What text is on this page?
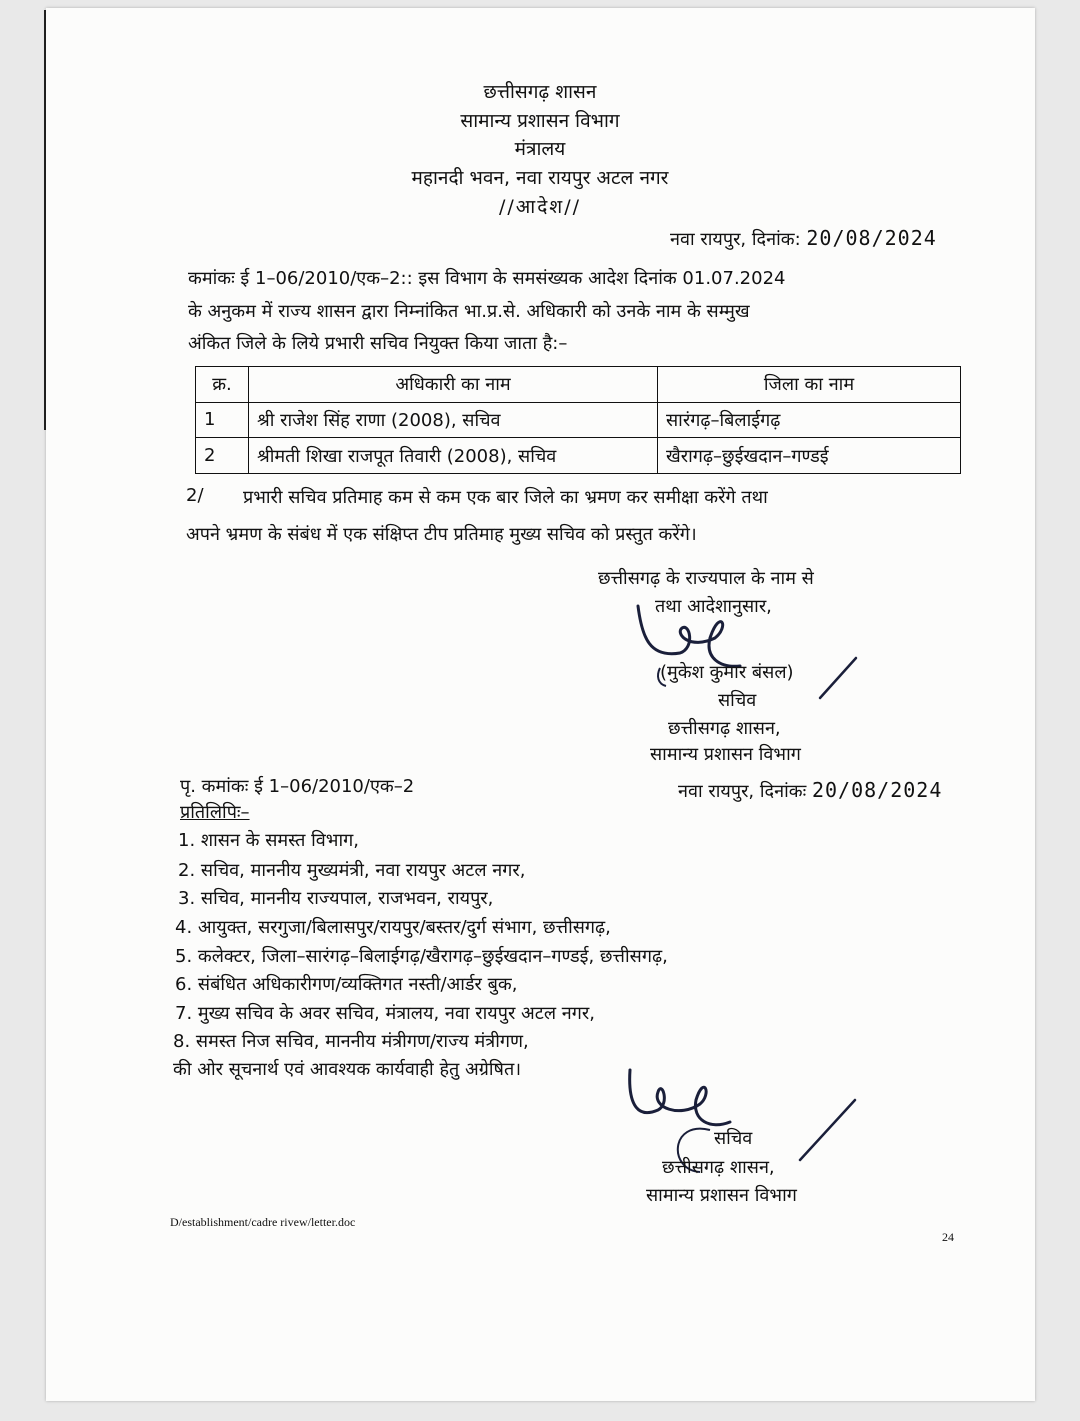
छत्तीसगढ़ शासन
सामान्य प्रशासन विभाग
मंत्रालय
महानदी भवन, नवा रायपुर अटल नगर
//आदेश//
नवा रायपुर, दिनांक: 20/08/2024
कमांकः ई 1–06/2010/एक–2:: इस विभाग के समसंख्यक आदेश दिनांक 01.07.2024
के अनुकम में राज्य शासन द्वारा निम्नांकित भा.प्र.से. अधिकारी को उनके नाम के सम्मुख
अंकित जिले के लिये प्रभारी सचिव नियुक्त किया जाता है:–
क्र.	अधिकारी का नाम	जिला का नाम
1	श्री राजेश सिंह राणा (2008), सचिव	सारंगढ़–बिलाईगढ़
2	श्रीमती शिखा राजपूत तिवारी (2008), सचिव	खैरागढ़–छुईखदान–गण्डई
2/ प्रभारी सचिव प्रतिमाह कम से कम एक बार जिले का भ्रमण कर समीक्षा करेंगे तथा
अपने भ्रमण के संबंध में एक संक्षिप्त टीप प्रतिमाह मुख्य सचिव को प्रस्तुत करेंगे।
छत्तीसगढ़ के राज्यपाल के नाम से
तथा आदेशानुसार,
(मुकेश कुमार बंसल)
सचिव
छत्तीसगढ़ शासन,
सामान्य प्रशासन विभाग
पृ. कमांकः ई 1–06/2010/एक–2	नवा रायपुर, दिनांकः 20/08/2024
प्रतिलिपिः–
1. शासन के समस्त विभाग,
2. सचिव, माननीय मुख्यमंत्री, नवा रायपुर अटल नगर,
3. सचिव, माननीय राज्यपाल, राजभवन, रायपुर,
4. आयुक्त, सरगुजा/बिलासपुर/रायपुर/बस्तर/दुर्ग संभाग, छत्तीसगढ़,
5. कलेक्टर, जिला–सारंगढ़–बिलाईगढ़/खैरागढ़–छुईखदान–गण्डई, छत्तीसगढ़,
6. संबंधित अधिकारीगण/व्यक्तिगत नस्ती/आर्डर बुक,
7. मुख्य सचिव के अवर सचिव, मंत्रालय, नवा रायपुर अटल नगर,
8. समस्त निज सचिव, माननीय मंत्रीगण/राज्य मंत्रीगण,
की ओर सूचनार्थ एवं आवश्यक कार्यवाही हेतु अग्रेषित।
सचिव
छत्तीसगढ़ शासन,
सामान्य प्रशासन विभाग
D/establishment/cadre rivew/letter.doc
24
